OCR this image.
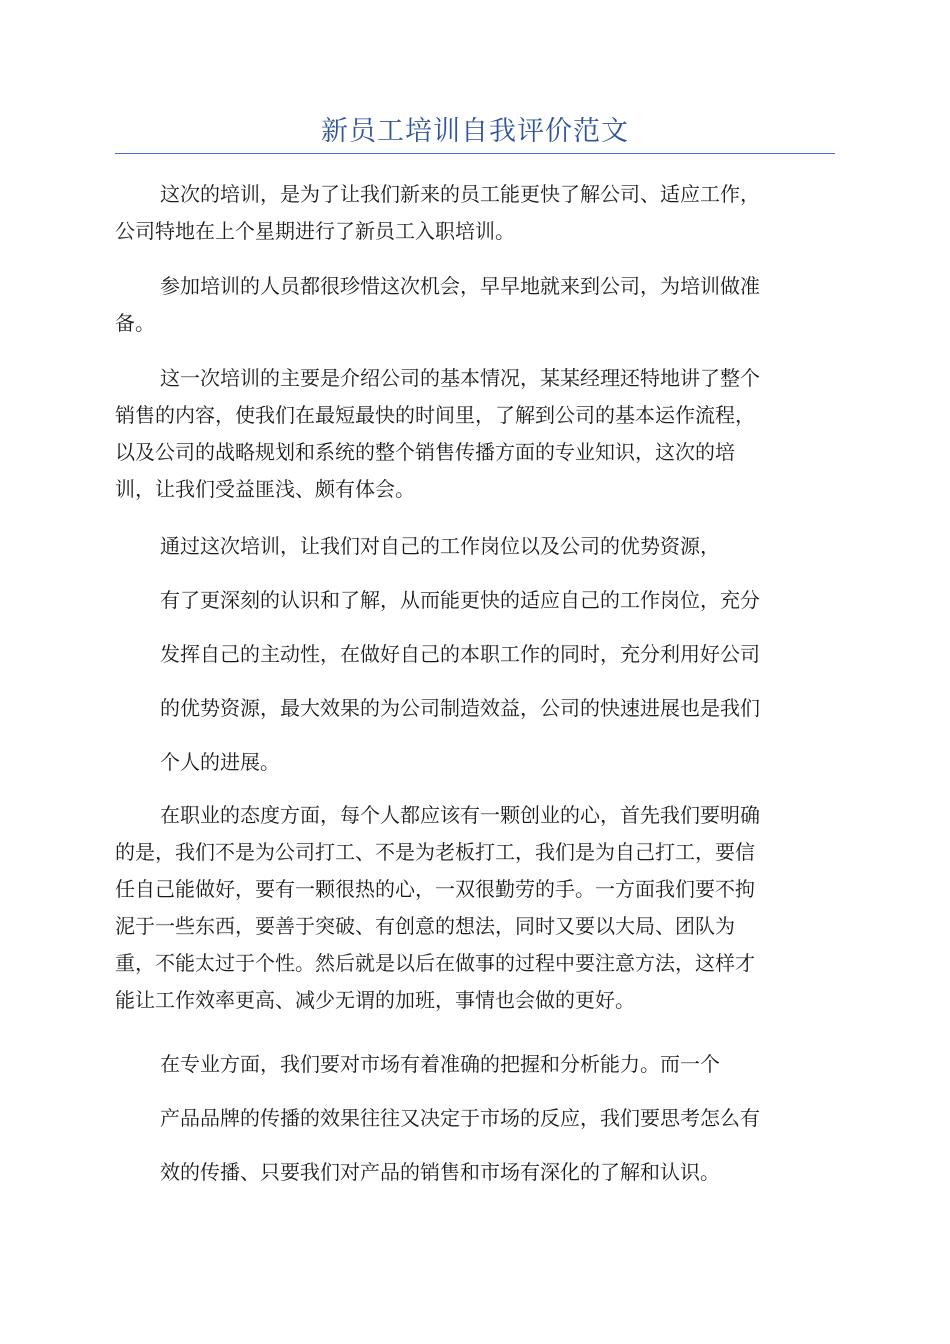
新员工培训自我评价范文

这次的培训，是为了让我们新来的员工能更快了解公司、适应工作，
公司特地在上个星期进行了新员工入职培训。

参加培训的人员都很珍惜这次机会，早早地就来到公司，为培训做准
备。

这一次培训的主要是介绍公司的基本情况，某某经理还特地讲了整个
销售的内容，使我们在最短最快的时间里，了解到公司的基本运作流程，
以及公司的战略规划和系统的整个销售传播方面的专业知识，这次的培
训，让我们受益匪浅、颇有体会。

通过这次培训，让我们对自己的工作岗位以及公司的优势资源，
有了更深刻的认识和了解，从而能更快的适应自己的工作岗位，充分
发挥自己的主动性，在做好自己的本职工作的同时，充分利用好公司
的优势资源，最大效果的为公司制造效益，公司的快速进展也是我们
个人的进展。

在职业的态度方面，每个人都应该有一颗创业的心，首先我们要明确
的是，我们不是为公司打工、不是为老板打工，我们是为自己打工，要信
任自己能做好，要有一颗很热的心，一双很勤劳的手。一方面我们要不拘
泥于一些东西，要善于突破、有创意的想法，同时又要以大局、团队为
重，不能太过于个性。然后就是以后在做事的过程中要注意方法，这样才
能让工作效率更高、减少无谓的加班，事情也会做的更好。

在专业方面，我们要对市场有着准确的把握和分析能力。而一个
产品品牌的传播的效果往往又决定于市场的反应，我们要思考怎么有
效的传播、只要我们对产品的销售和市场有深化的了解和认识。
